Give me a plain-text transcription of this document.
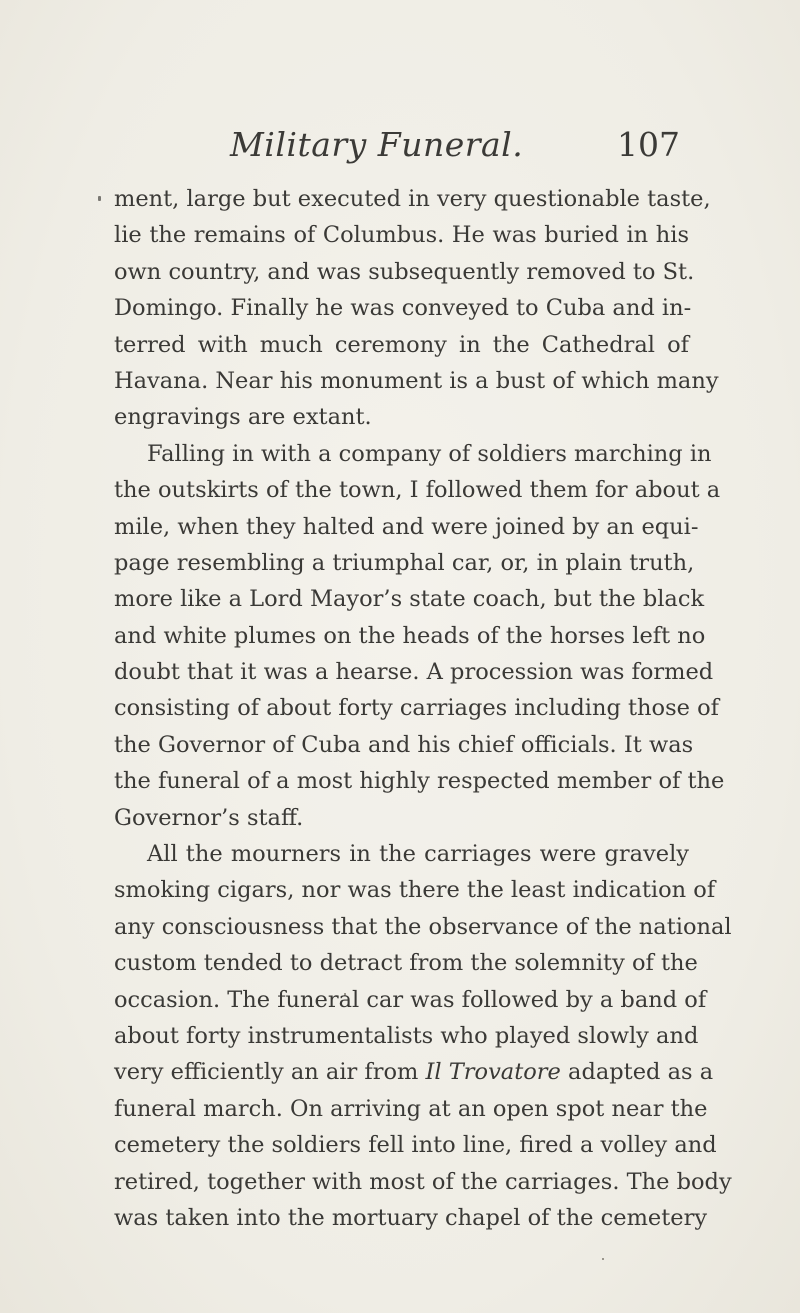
Military Funeral.	107
ment, large but executed in very questionable taste,
lie the remains of Columbus. He was buried in his
own country, and was subsequently removed to St.
Domingo. Finally he was conveyed to Cuba and in-
terred with much ceremony in the Cathedral of
Havana. Near his monument is a bust of which many
engravings are extant.
Falling in with a company of soldiers marching in
the outskirts of the town, I followed them for about a
mile, when they halted and were joined by an equi-
page resembling a triumphal car, or, in plain truth,
more like a Lord Mayor’s state coach, but the black
and white plumes on the heads of the horses left no
doubt that it was a hearse. A procession was formed
consisting of about forty carriages including those of
the Governor of Cuba and his chief officials. It was
the funeral of a most highly respected member of the
Governor’s staff.
All the mourners in the carriages were gravely
smoking cigars, nor was there the least indication of
any consciousness that the observance of the national
custom tended to detract from the solemnity of the
occasion. The funeral car was followed by a band of
about forty instrumentalists who played slowly and
very efficiently an air from Il Trovatore adapted as a
funeral march. On arriving at an open spot near the
cemetery the soldiers fell into line, fired a volley and
retired, together with most of the carriages. The body
was taken into the mortuary chapel of the cemetery
